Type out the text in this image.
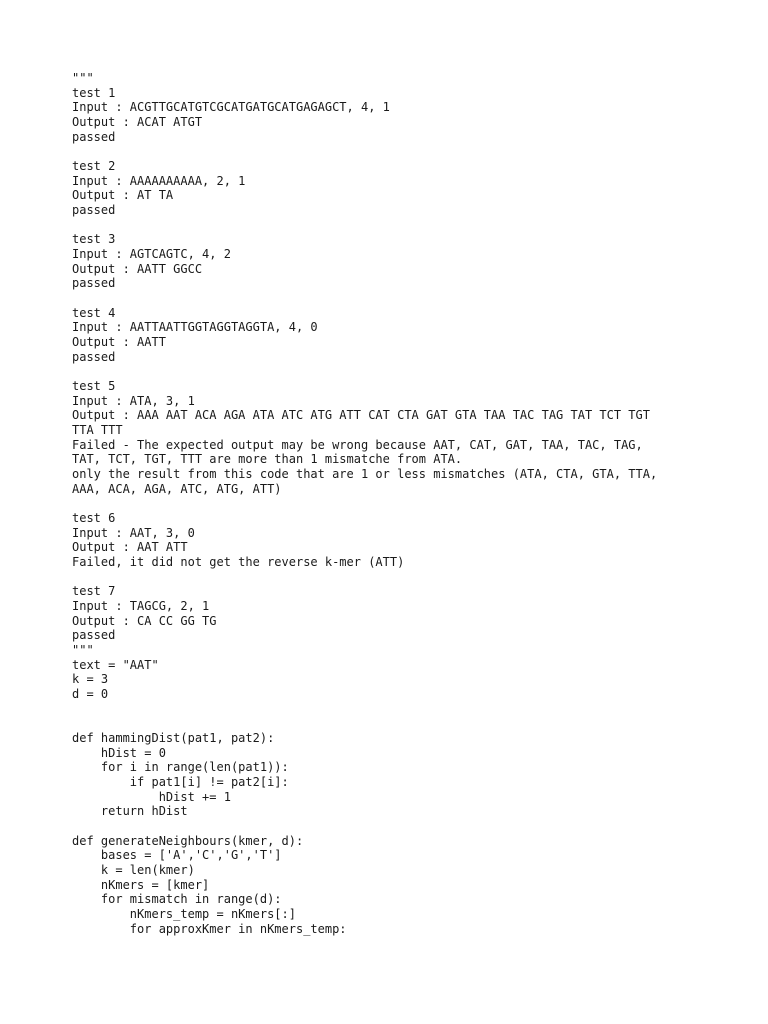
"""
test 1
Input : ACGTTGCATGTCGCATGATGCATGAGAGCT, 4, 1
Output : ACAT ATGT
passed
test 2
Input : AAAAAAAAAA, 2, 1
Output : AT TA
passed
test 3
Input : AGTCAGTC, 4, 2
Output : AATT GGCC
passed
test 4
Input : AATTAATTGGTAGGTAGGTA, 4, 0
Output : AATT
passed
test 5
Input : ATA, 3, 1
Output : AAA AAT ACA AGA ATA ATC ATG ATT CAT CTA GAT GTA TAA TAC TAG TAT TCT TGT
TTA TTT
Failed - The expected output may be wrong because AAT, CAT, GAT, TAA, TAC, TAG,
TAT, TCT, TGT, TTT are more than 1 mismatche from ATA.
only the result from this code that are 1 or less mismatches (ATA, CTA, GTA, TTA,
AAA, ACA, AGA, ATC, ATG, ATT)
test 6
Input : AAT, 3, 0
Output : AAT ATT
Failed, it did not get the reverse k-mer (ATT)
test 7
Input : TAGCG, 2, 1
Output : CA CC GG TG
passed
"""
text = "AAT"
k = 3
d = 0
def hammingDist(pat1, pat2):
hDist = 0
for i in range(len(pat1)):
if pat1[i] != pat2[i]:
hDist += 1
return hDist
def generateNeighbours(kmer, d):
bases = ['A','C','G','T']
k = len(kmer)
nKmers = [kmer]
for mismatch in range(d):
nKmers_temp = nKmers[:]
for approxKmer in nKmers_temp:
